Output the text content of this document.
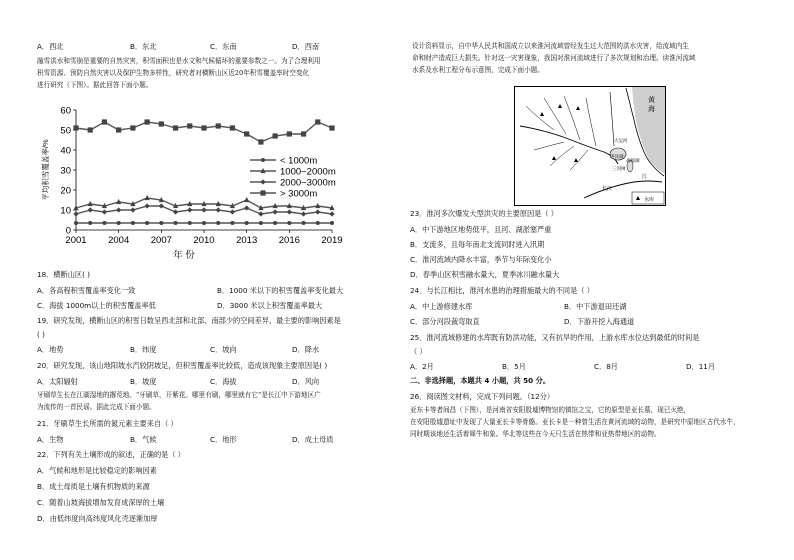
A．西北	B．东北	C．东南	D．西南
融雪洪水和雪崩是重要的自然灾害，积雪面积也是水文和气候循环的重要参数之一。为了合理利用
积雪资源、预防自然灾害以及保护生物多样性，研究者对横断山区近20年积雪覆盖率时空变化
进行研究（下图）。据此回答下面小题。
0
10
20
30
40
50
60
2001 2004 2007 2010 2013 2016 2019
年 份
平均积雪覆盖率/%	< 1000m
1000~2000m
2000~3000m
> 3000m
18．横断山区( )
A．各高程积雪覆盖率变化一致	B．1000 米以下的积雪覆盖率变化最大
C．海拔 1000m以上的积雪覆盖率低	D．3000 米以上积雪覆盖率最大
19．研究发现，横断山区的积雪日数呈西北部和北部、南部少的空间差异，最主要的影响因素是
( )
A．地势	B．纬度	C．坡向	D．降水
20．研究发现，该山地阳坡水汽较阴坡足，但积雪覆盖率比较低，造成该现象主要原因是( )
A．太阳辐射	B．坡度	C．海拔	D．风向
牙刷草生长在江湖湿地的撂荒地。“牙刷草，开紫花。哪里有刷，哪里就有它”是长江中下游地区广
为流传的一首民谣。据此完成下面小题。
21．牙刷草生长所需的氮元素主要来自（ ）
A．生物	B．气候	C．地形	D．成土母质
22．下列有关土壤形成的叙述，正确的是（ ）
A．气候和地形是比较稳定的影响因素
B．成土母质是土壤有机物质的来源
C．随着山坡海拔增加发育成深厚的土壤
D．由低纬度向高纬度风化壳逐渐加厚
设计资料显示，自中华人民共和国成立以来淮河流域曾经发生过大范围的洪水灾害，给流域内生
命和财产造成巨大损失。针对这一灾害现象，我国对淮河流域进行了多次规划和治理。读淮河流域
水系及水利工程分布示意图，完成下面小题。
黄海
大运河
洪泽湖
高邮湖
三河闸
长江
江
水库
23．淮河多次爆发大型洪灾的主要原因是（ ）
A．中下游地区地势低平，且河、湖淤塞严重
B．支流多，且每年南北支流同时进入汛期
C．淮河流域内降水丰富，季节与年际变化小
D．春季山区积雪融水量大，夏季冰川融水量大
24．与长江相比，淮河水患的治理措施最大的不同是（ ）
A．中上游修建水库	B．中下游退田还湖
C．部分河段裁弯取直	D．下游开挖入海通道
25．淮河流域修建的水库既有防洪功能，又有抗旱的作用，上游水库水位达到最低的时间是
（ ）
A．2月	B．5月	C．8月	D．11月
二、非选择题，本题共 4 小题，共 50 分。
26．阅读图文材料，完成下列问题。（12分）
亚东卡等者间昌（下图），是河南省安阳殷墟博物馆的镇馆之宝，它的原型是亚长墓，现已灭绝，
在安阳殷墟遗址中发现了大量亚长卡等骨骼。亚长卡是一种曾生活在黄河流域的动物，是研究中原地区古代水牛，
同时期该地还生活着犀牛和象。华北等这些在今天只生活在热带和亚热带地区的动物。
